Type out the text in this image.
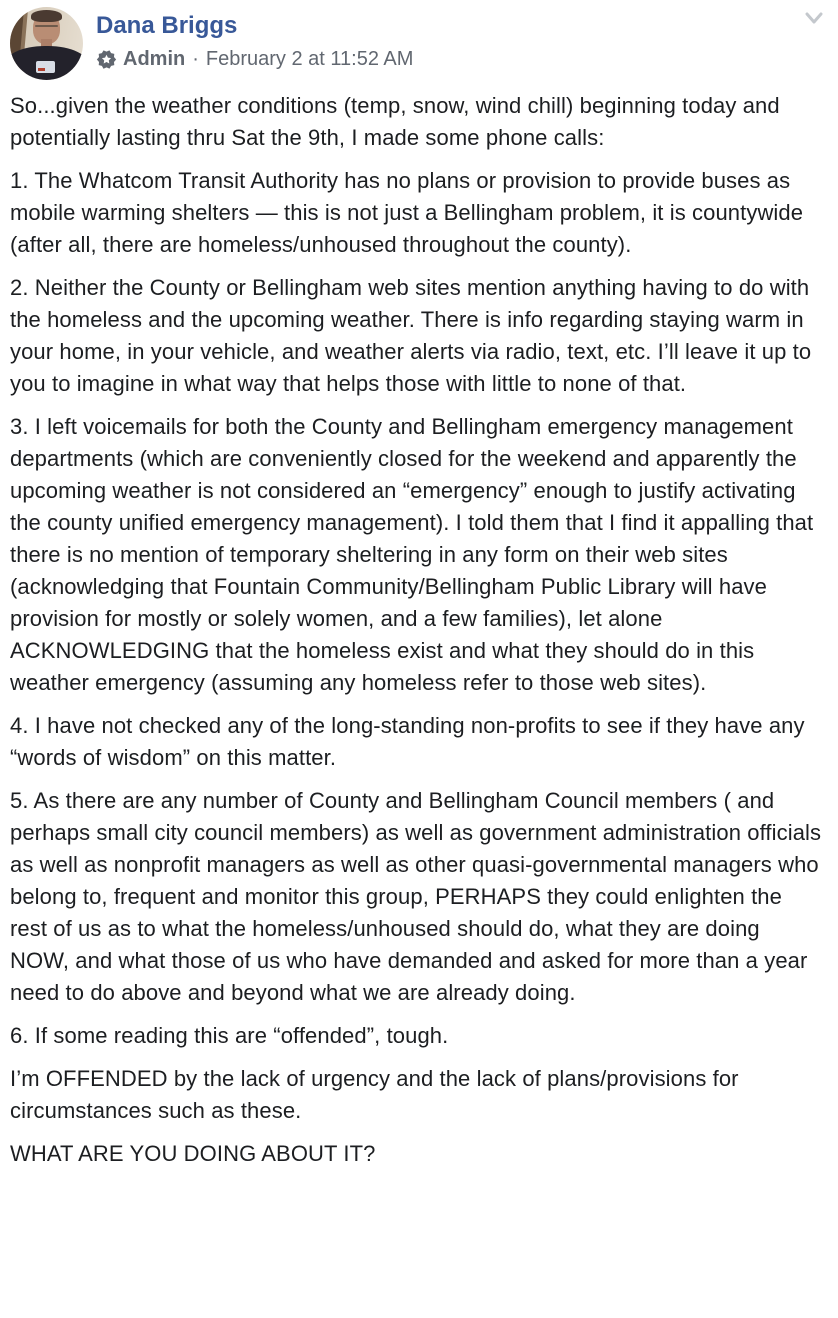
Dana Briggs
Admin · February 2 at 11:52 AM

So...given the weather conditions (temp, snow, wind chill) beginning today and potentially lasting thru Sat the 9th, I made some phone calls:

1. The Whatcom Transit Authority has no plans or provision to provide buses as mobile warming shelters — this is not just a Bellingham problem, it is countywide (after all, there are homeless/unhoused throughout the county).

2. Neither the County or Bellingham web sites mention anything having to do with the homeless and the upcoming weather. There is info regarding staying warm in your home, in your vehicle, and weather alerts via radio, text, etc. I’ll leave it up to you to imagine in what way that helps those with little to none of that.

3. I left voicemails for both the County and Bellingham emergency management departments (which are conveniently closed for the weekend and apparently the upcoming weather is not considered an “emergency” enough to justify activating the county unified emergency management). I told them that I find it appalling that there is no mention of temporary sheltering in any form on their web sites (acknowledging that Fountain Community/Bellingham Public Library will have provision for mostly or solely women, and a few families), let alone ACKNOWLEDGING that the homeless exist and what they should do in this weather emergency (assuming any homeless refer to those web sites).

4. I have not checked any of the long-standing non-profits to see if they have any “words of wisdom” on this matter.

5. As there are any number of County and Bellingham Council members ( and perhaps small city council members) as well as government administration officials as well as nonprofit managers as well as other quasi-governmental managers who belong to, frequent and monitor this group, PERHAPS they could enlighten the rest of us as to what the homeless/unhoused should do, what they are doing NOW, and what those of us who have demanded and asked for more than a year need to do above and beyond what we are already doing.

6. If some reading this are “offended”, tough.

I’m OFFENDED by the lack of urgency and the lack of plans/provisions for circumstances such as these.

WHAT ARE YOU DOING ABOUT IT?
